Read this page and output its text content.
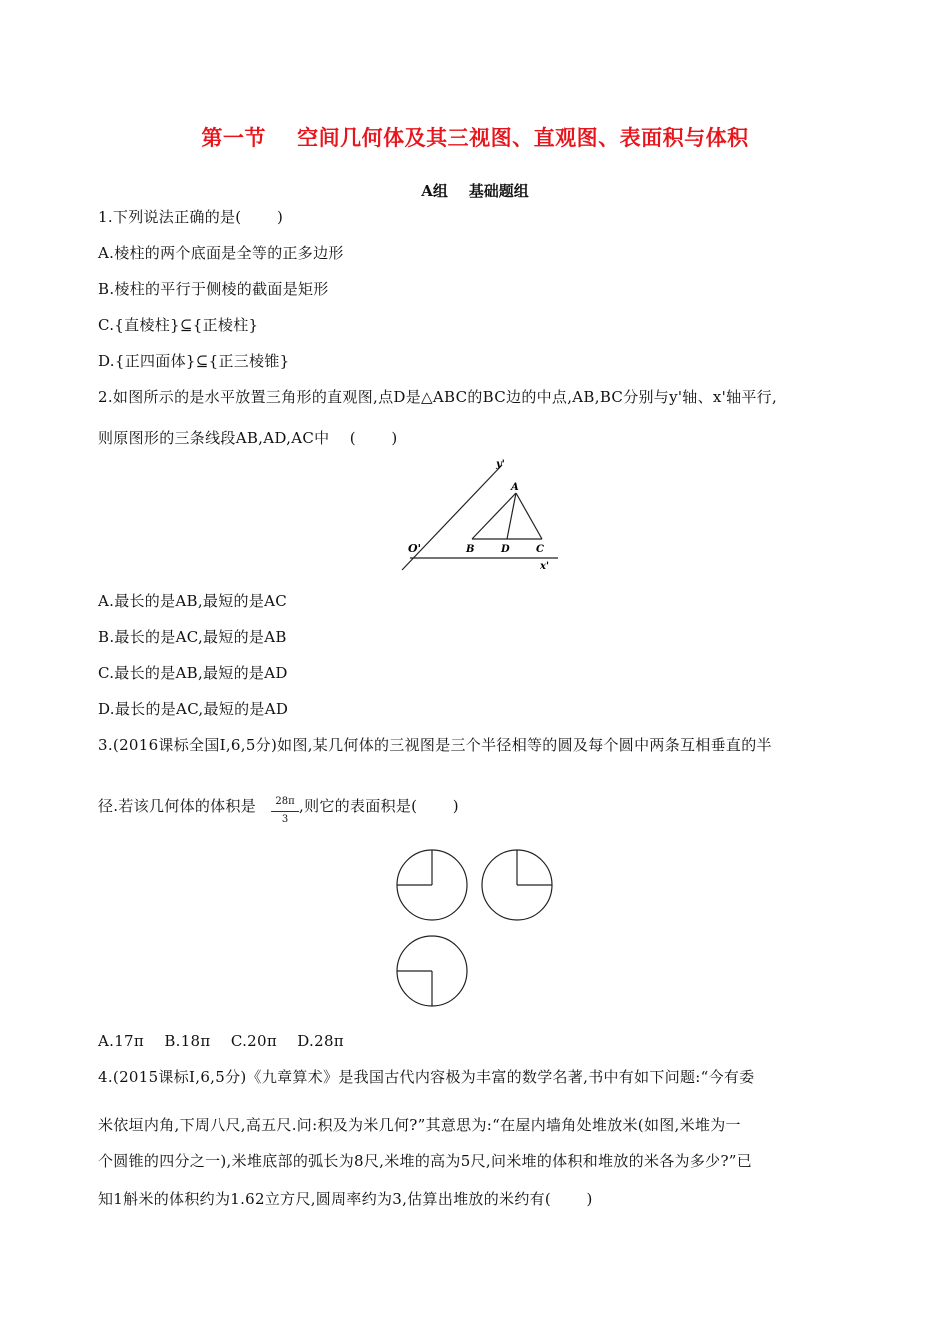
第一节    空间几何体及其三视图、直观图、表面积与体积
A组    基础题组
1.下列说法正确的是(       )
A.棱柱的两个底面是全等的正多边形
B.棱柱的平行于侧棱的截面是矩形
C.{直棱柱}⊆{正棱柱}
D.{正四面体}⊆{正三棱锥}
2.如图所示的是水平放置三角形的直观图,点D是△ABC的BC边的中点,AB,BC分别与y'轴、x'轴平行,
则原图形的三条线段AB,AD,AC中    (       )
y'
x'
O'
A
B	D	C
A.最长的是AB,最短的是AC
B.最长的是AC,最短的是AB
C.最长的是AB,最短的是AD
D.最长的是AC,最短的是AD
3.(2016课标全国Ⅰ,6,5分)如图,某几何体的三视图是三个半径相等的圆及每个圆中两条互相垂直的半
径.若该几何体的体积是	28π
3
,则它的表面积是(       )
A.17π    B.18π    C.20π    D.28π
4.(2015课标Ⅰ,6,5分)《九章算术》是我国古代内容极为丰富的数学名著,书中有如下问题:“今有委
米依垣内角,下周八尺,高五尺.问:积及为米几何?”其意思为:“在屋内墙角处堆放米(如图,米堆为一
个圆锥的四分之一),米堆底部的弧长为8尺,米堆的高为5尺,问米堆的体积和堆放的米各为多少?”已
知1斛米的体积约为1.62立方尺,圆周率约为3,估算出堆放的米约有(       )
